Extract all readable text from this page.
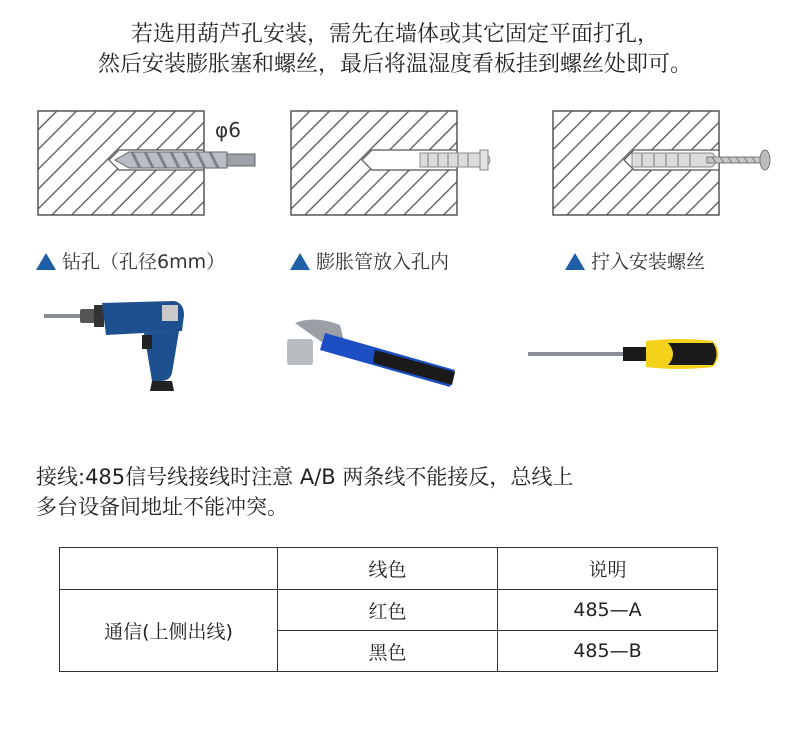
若选用葫芦孔安装，需先在墙体或其它固定平面打孔，
然后安装膨胀塞和螺丝，最后将温湿度看板挂到螺丝处即可。
φ6
钻孔（孔径6mm）	膨胀管放入孔内	拧入安装螺丝
接线:485信号线接线时注意 A/B 两条线不能接反，总线上
多台设备间地址不能冲突。
	线色	说明
通信(上侧出线)	红色	485—A
	黑色	485—B
